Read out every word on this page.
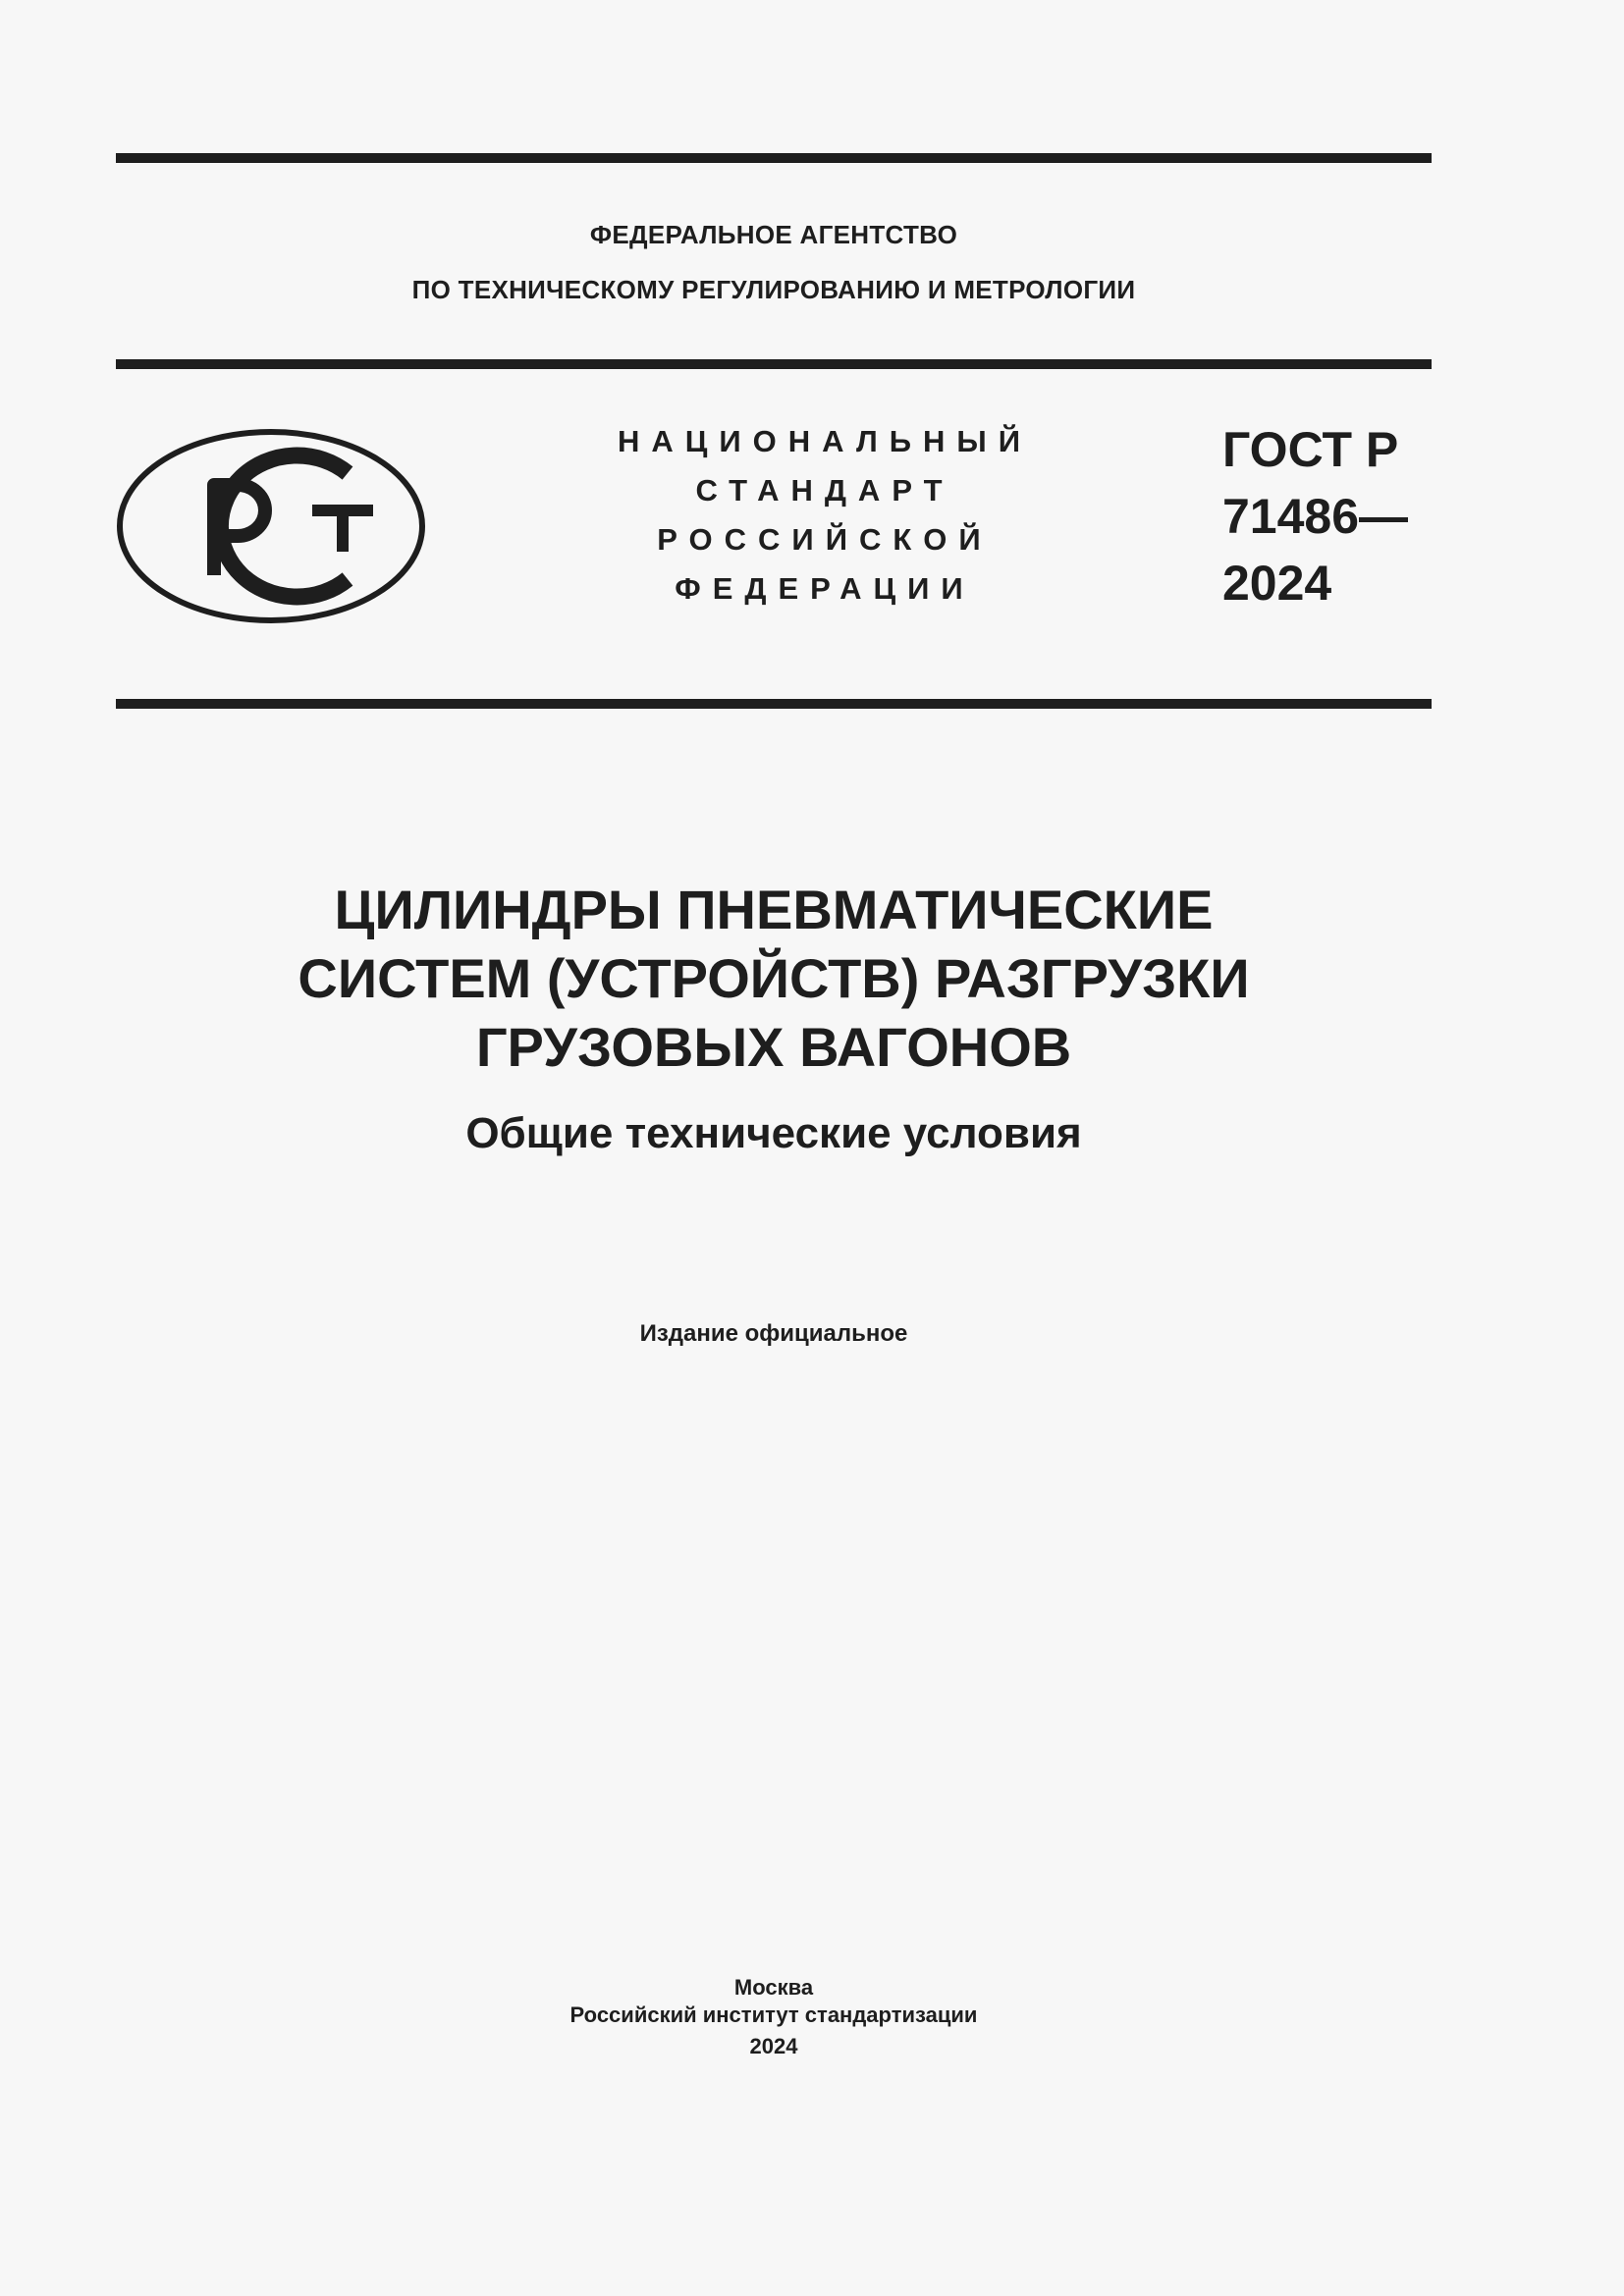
ФЕДЕРАЛЬНОЕ АГЕНТСТВО
ПО ТЕХНИЧЕСКОМУ РЕГУЛИРОВАНИЮ И МЕТРОЛОГИИ
НАЦИОНАЛЬНЫЙ
СТАНДАРТ
РОССИЙСКОЙ
ФЕДЕРАЦИИ
ГОСТ Р
71486—
2024
ЦИЛИНДРЫ ПНЕВМАТИЧЕСКИЕ
СИСТЕМ (УСТРОЙСТВ) РАЗГРУЗКИ
ГРУЗОВЫХ ВАГОНОВ
Общие технические условия
Издание официальное
Москва
Российский институт стандартизации
2024
